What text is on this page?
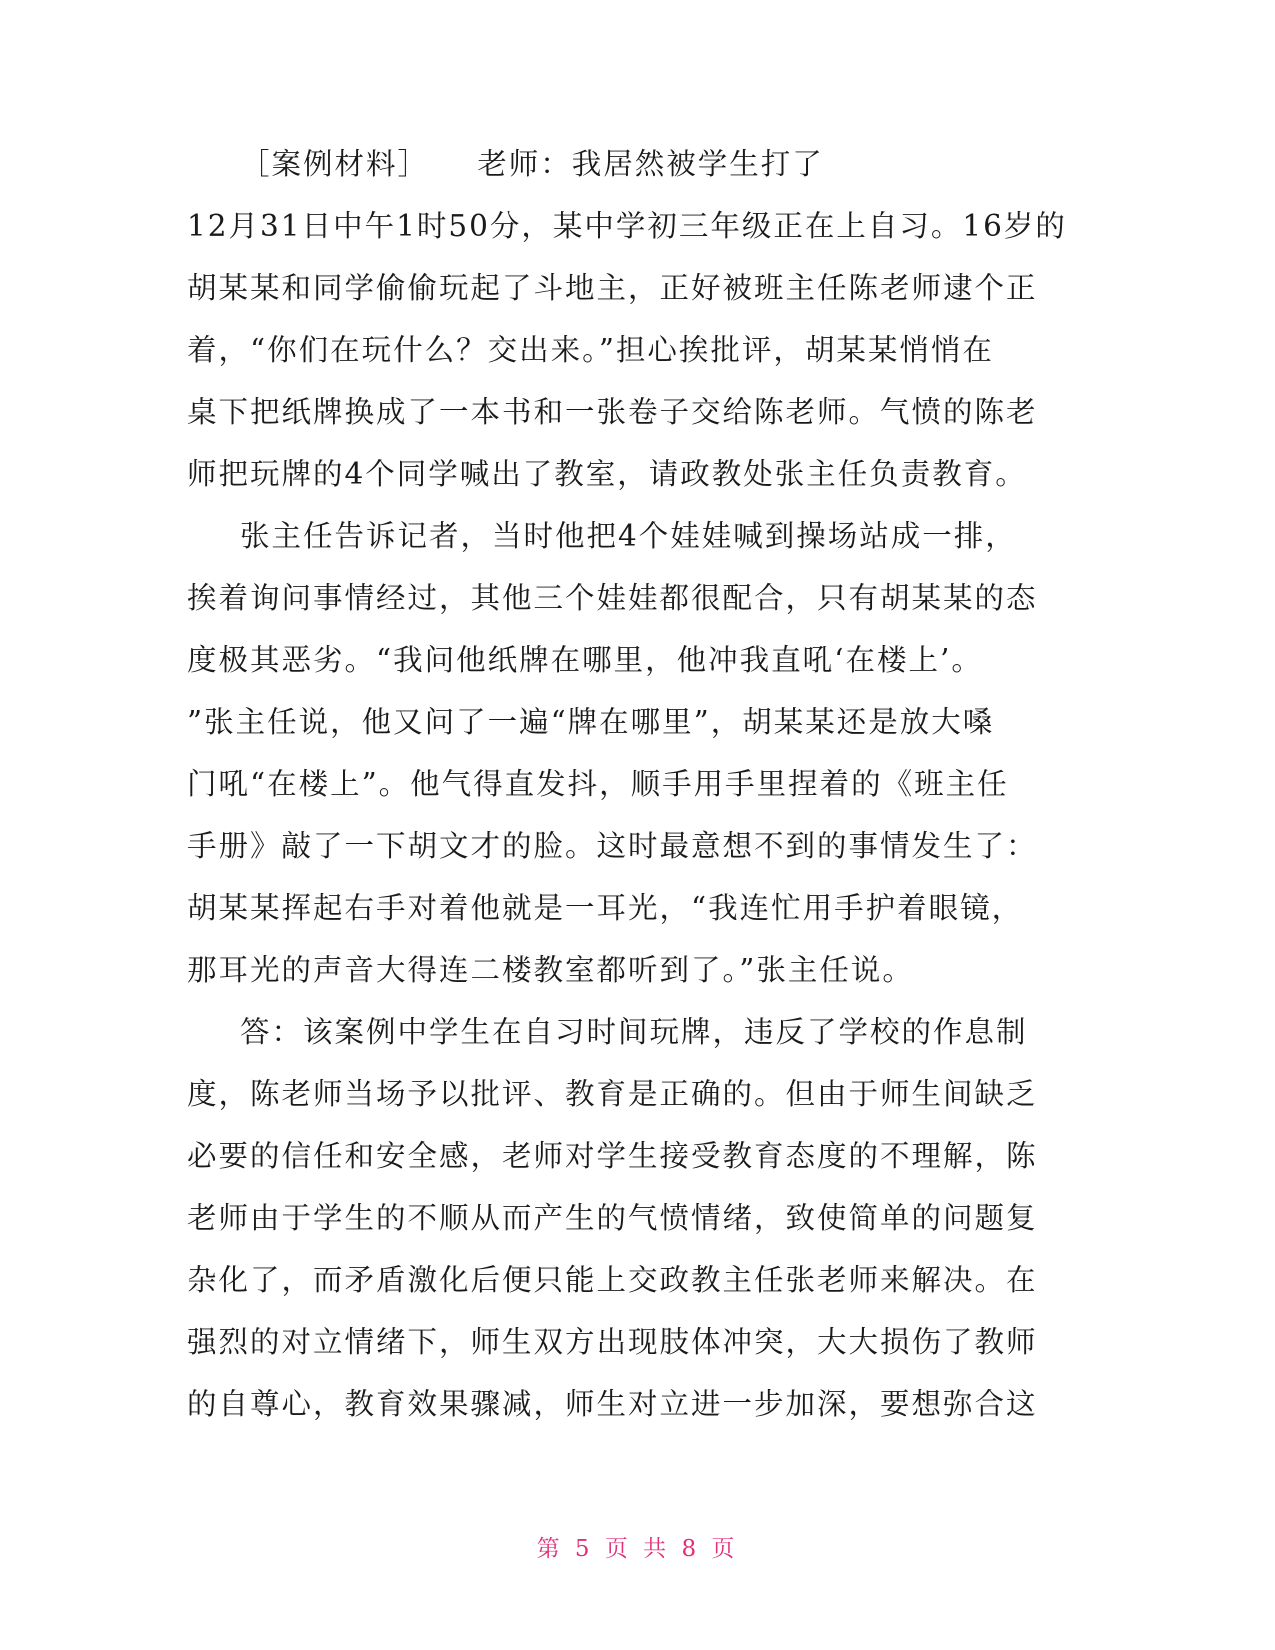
［案例材料］　　老师：我居然被学生打了
12月31日中午1时50分，某中学初三年级正在上自习。16岁的
胡某某和同学偷偷玩起了斗地主，正好被班主任陈老师逮个正
着，“你们在玩什么？交出来。”担心挨批评，胡某某悄悄在
桌下把纸牌换成了一本书和一张卷子交给陈老师。气愤的陈老
师把玩牌的4个同学喊出了教室，请政教处张主任负责教育。
张主任告诉记者，当时他把4个娃娃喊到操场站成一排，
挨着询问事情经过，其他三个娃娃都很配合，只有胡某某的态
度极其恶劣。“我问他纸牌在哪里，他冲我直吼‘在楼上’。
”张主任说，他又问了一遍“牌在哪里”，胡某某还是放大嗓
门吼“在楼上”。他气得直发抖，顺手用手里捏着的《班主任
手册》敲了一下胡文才的脸。这时最意想不到的事情发生了：
胡某某挥起右手对着他就是一耳光，“我连忙用手护着眼镜，
那耳光的声音大得连二楼教室都听到了。”张主任说。
答：该案例中学生在自习时间玩牌，违反了学校的作息制
度，陈老师当场予以批评、教育是正确的。但由于师生间缺乏
必要的信任和安全感，老师对学生接受教育态度的不理解，陈
老师由于学生的不顺从而产生的气愤情绪，致使简单的问题复
杂化了，而矛盾激化后便只能上交政教主任张老师来解决。在
强烈的对立情绪下，师生双方出现肢体冲突，大大损伤了教师
的自尊心，教育效果骤减，师生对立进一步加深，要想弥合这
第 5 页 共 8 页
